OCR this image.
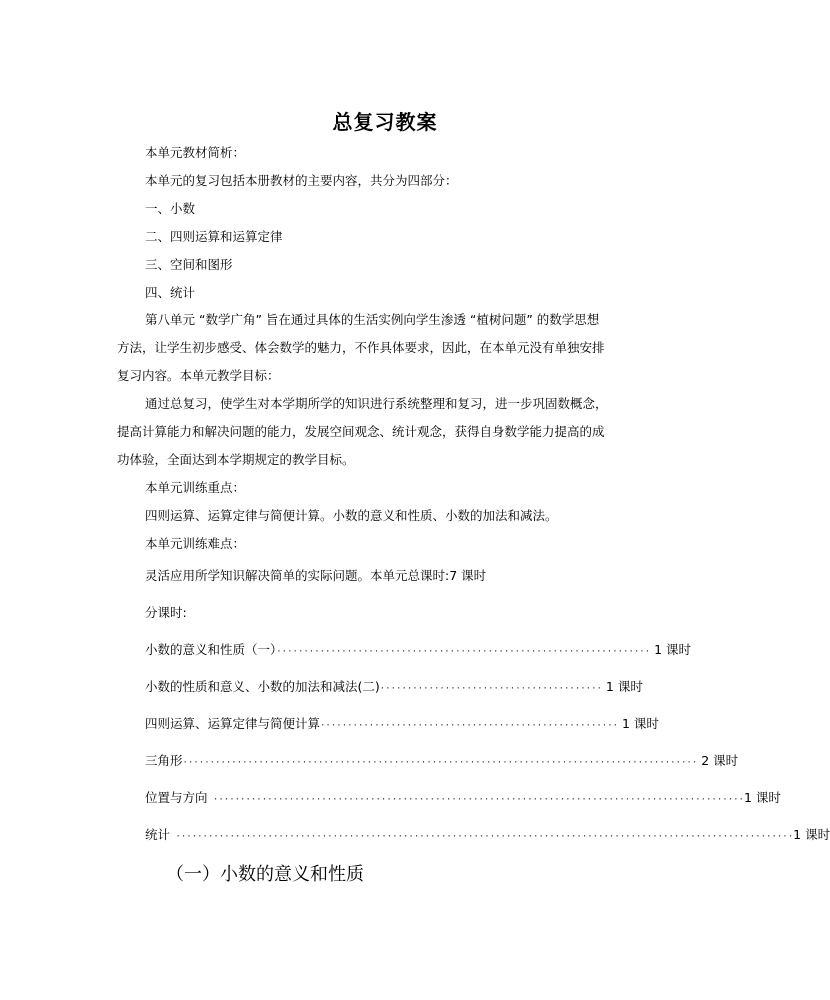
总复习教案
本单元教材简析：
本单元的复习包括本册教材的主要内容，共分为四部分：
一、小数
二、四则运算和运算定律
三、空间和图形
四、统计
第八单元 “数学广角” 旨在通过具体的生活实例向学生渗透 “植树问题” 的数学思想
方法，让学生初步感受、体会数学的魅力，不作具体要求，因此，在本单元没有单独安排
复习内容。本单元教学目标：
通过总复习，使学生对本学期所学的知识进行系统整理和复习，进一步巩固数概念，
提高计算能力和解决问题的能力，发展空间观念、统计观念，获得自身数学能力提高的成
功体验，全面达到本学期规定的教学目标。
本单元训练重点：
四则运算、运算定律与简便计算。小数的意义和性质、小数的加法和减法。
本单元训练难点：
灵活应用所学知识解决简单的实际问题。本单元总课时:7 课时
分课时:
小数的意义和性质（一）····································································· 1 课时
小数的性质和意义、小数的加法和减法(二)········································· 1 课时
四则运算、运算定律与简便计算······················································· 1 课时
三角形······························································································· 2 课时
位置与方向 ··································································································1 课时
统计 ··················································································································1 课时
（一）小数的意义和性质
